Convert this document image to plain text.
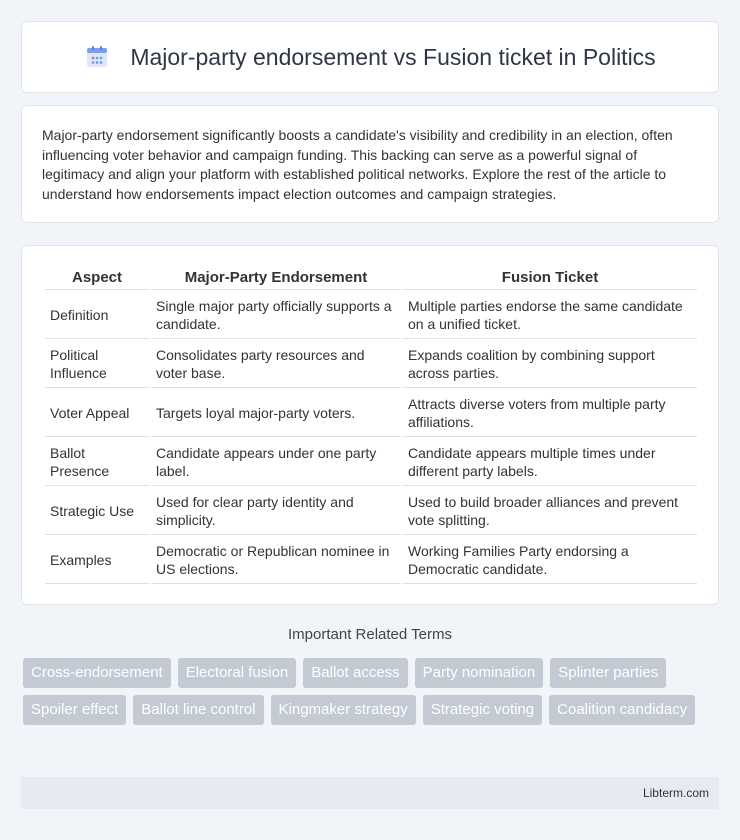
Major-party endorsement vs Fusion ticket in Politics

Major-party endorsement significantly boosts a candidate's visibility and credibility in an election, often influencing voter behavior and campaign funding. This backing can serve as a powerful signal of legitimacy and align your platform with established political networks. Explore the rest of the article to understand how endorsements impact election outcomes and campaign strategies.

Aspect	Major-Party Endorsement	Fusion Ticket
Definition	Single major party officially supports a candidate.	Multiple parties endorse the same candidate on a unified ticket.
Political Influence	Consolidates party resources and voter base.	Expands coalition by combining support across parties.
Voter Appeal	Targets loyal major-party voters.	Attracts diverse voters from multiple party affiliations.
Ballot Presence	Candidate appears under one party label.	Candidate appears multiple times under different party labels.
Strategic Use	Used for clear party identity and simplicity.	Used to build broader alliances and prevent vote splitting.
Examples	Democratic or Republican nominee in US elections.	Working Families Party endorsing a Democratic candidate.
Important Related Terms
Cross-endorsement	Electoral fusion	Ballot access	Party nomination	Splinter parties
Spoiler effect	Ballot line control	Kingmaker strategy	Strategic voting	Coalition candidacy
Libterm.com
